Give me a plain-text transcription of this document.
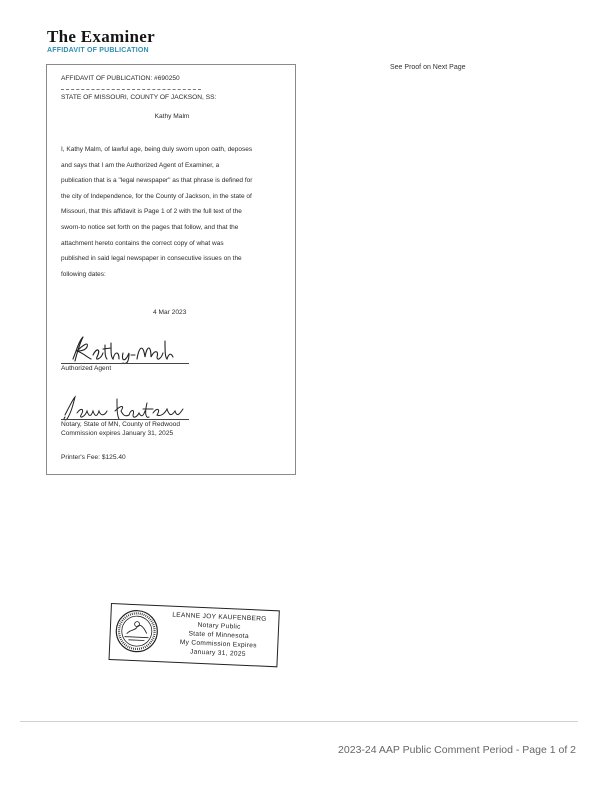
The Examiner
AFFIDAVIT OF PUBLICATION
See Proof on Next Page
AFFIDAVIT OF PUBLICATION: #690250
STATE OF MISSOURI, COUNTY OF JACKSON, SS:
Kathy Malm
I, Kathy Malm, of lawful age, being duly sworn upon oath, deposes
and says that I am the Authorized Agent of Examiner, a
publication that is a "legal newspaper" as that phrase is defined for
the city of Independence, for the County of Jackson, in the state of
Missouri, that this affidavit is Page 1 of 2 with the full text of the
sworn-to notice set forth on the pages that follow, and that the
attachment hereto contains the correct copy of what was
published in said legal newspaper in consecutive issues on the
following dates:
4 Mar 2023
Authorized Agent
Notary, State of MN, County of Redwood
Commission expires January 31, 2025
Printer's Fee: $125.40
LEANNE JOY KAUFENBERG
Notary Public
State of Minnesota
My Commission Expires
January 31, 2025
2023-24 AAP Public Comment Period - Page 1 of 2
